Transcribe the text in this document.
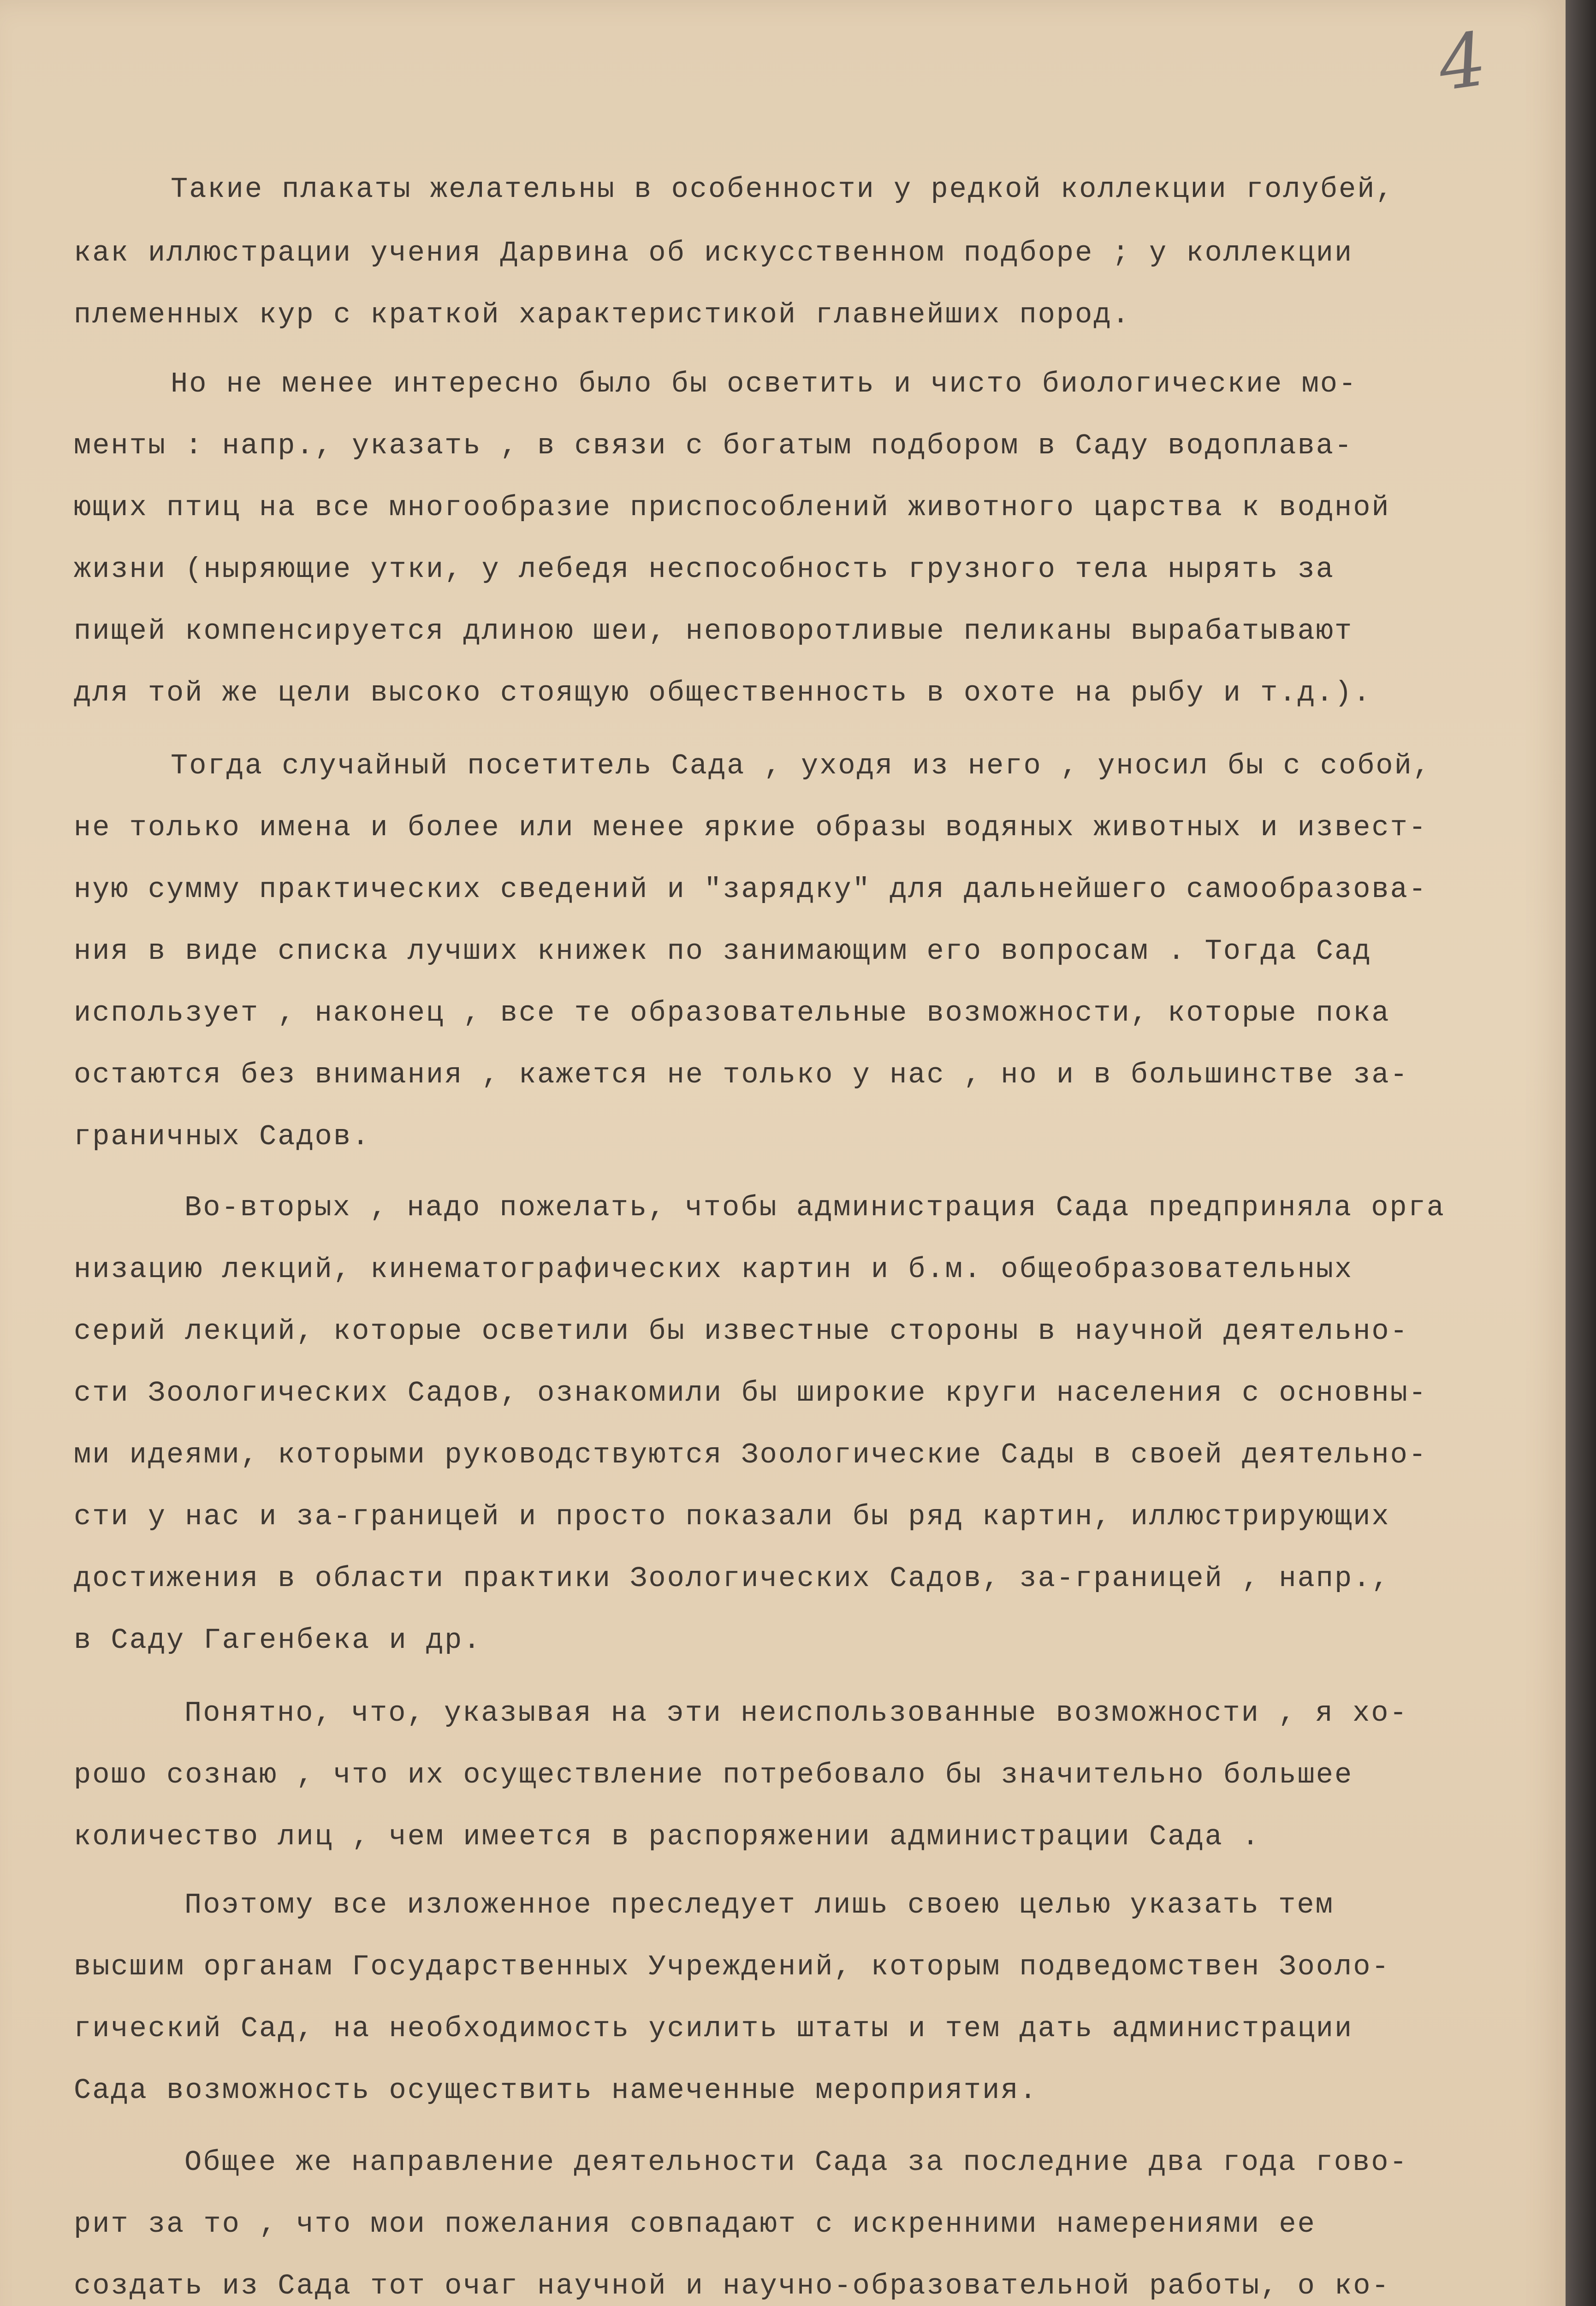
4
Такие плакаты желательны в особенности у редкой коллекции голубей,
как иллюстрации учения Дарвина об искусственном подборе ; у коллекции
племенных кур с краткой характеристикой главнейших пород.
Но не менее интересно было бы осветить и чисто биологические мо-
менты : напр., указать , в связи с богатым подбором в Саду водоплава-
ющих птиц на все многообразие приспособлений животного царства к водной
жизни (ныряющие утки, у лебедя неспособность грузного тела нырять за
пищей компенсируется длиною шеи, неповоротливые пеликаны вырабатывают
для той же цели высоко стоящую общественность в охоте на рыбу и т.д.).
Тогда случайный посетитель Сада , уходя из него , уносил бы с собой,
не только имена и более или менее яркие образы водяных животных и извест-
ную сумму практических сведений и "зарядку" для дальнейшего самообразова-
ния в виде списка лучших книжек по занимающим его вопросам . Тогда Сад
использует , наконец , все те образовательные возможности, которые пока
остаются без внимания , кажется не только у нас , но и в большинстве за-
граничных Садов.
Во-вторых , надо пожелать, чтобы администрация Сада предприняла орга
низацию лекций, кинематографических картин и б.м. общеобразовательных
серий лекций, которые осветили бы известные стороны в научной деятельно-
сти Зоологических Садов, ознакомили бы широкие круги населения с основны-
ми идеями, которыми руководствуются Зоологические Сады в своей деятельно-
сти у нас и за-границей и просто показали бы ряд картин, иллюстрирующих
достижения в области практики Зоологических Садов, за-границей , напр.,
в Саду Гагенбека и др.
Понятно, что, указывая на эти неиспользованные возможности , я хо-
рошо сознаю , что их осуществление потребовало бы значительно большее
количество лиц , чем имеется в распоряжении администрации Сада .
Поэтому все изложенное преследует лишь своею целью указать тем
высшим органам Государственных Учреждений, которым подведомствен Зооло-
гический Сад, на необходимость усилить штаты и тем дать администрации
Сада возможность осуществить намеченные мероприятия.
Общее же направление деятельности Сада за последние два года гово-
рит за то , что мои пожелания совпадают с искренними намерениями ее
создать из Сада тот очаг научной и научно-образовательной работы, о ко-
